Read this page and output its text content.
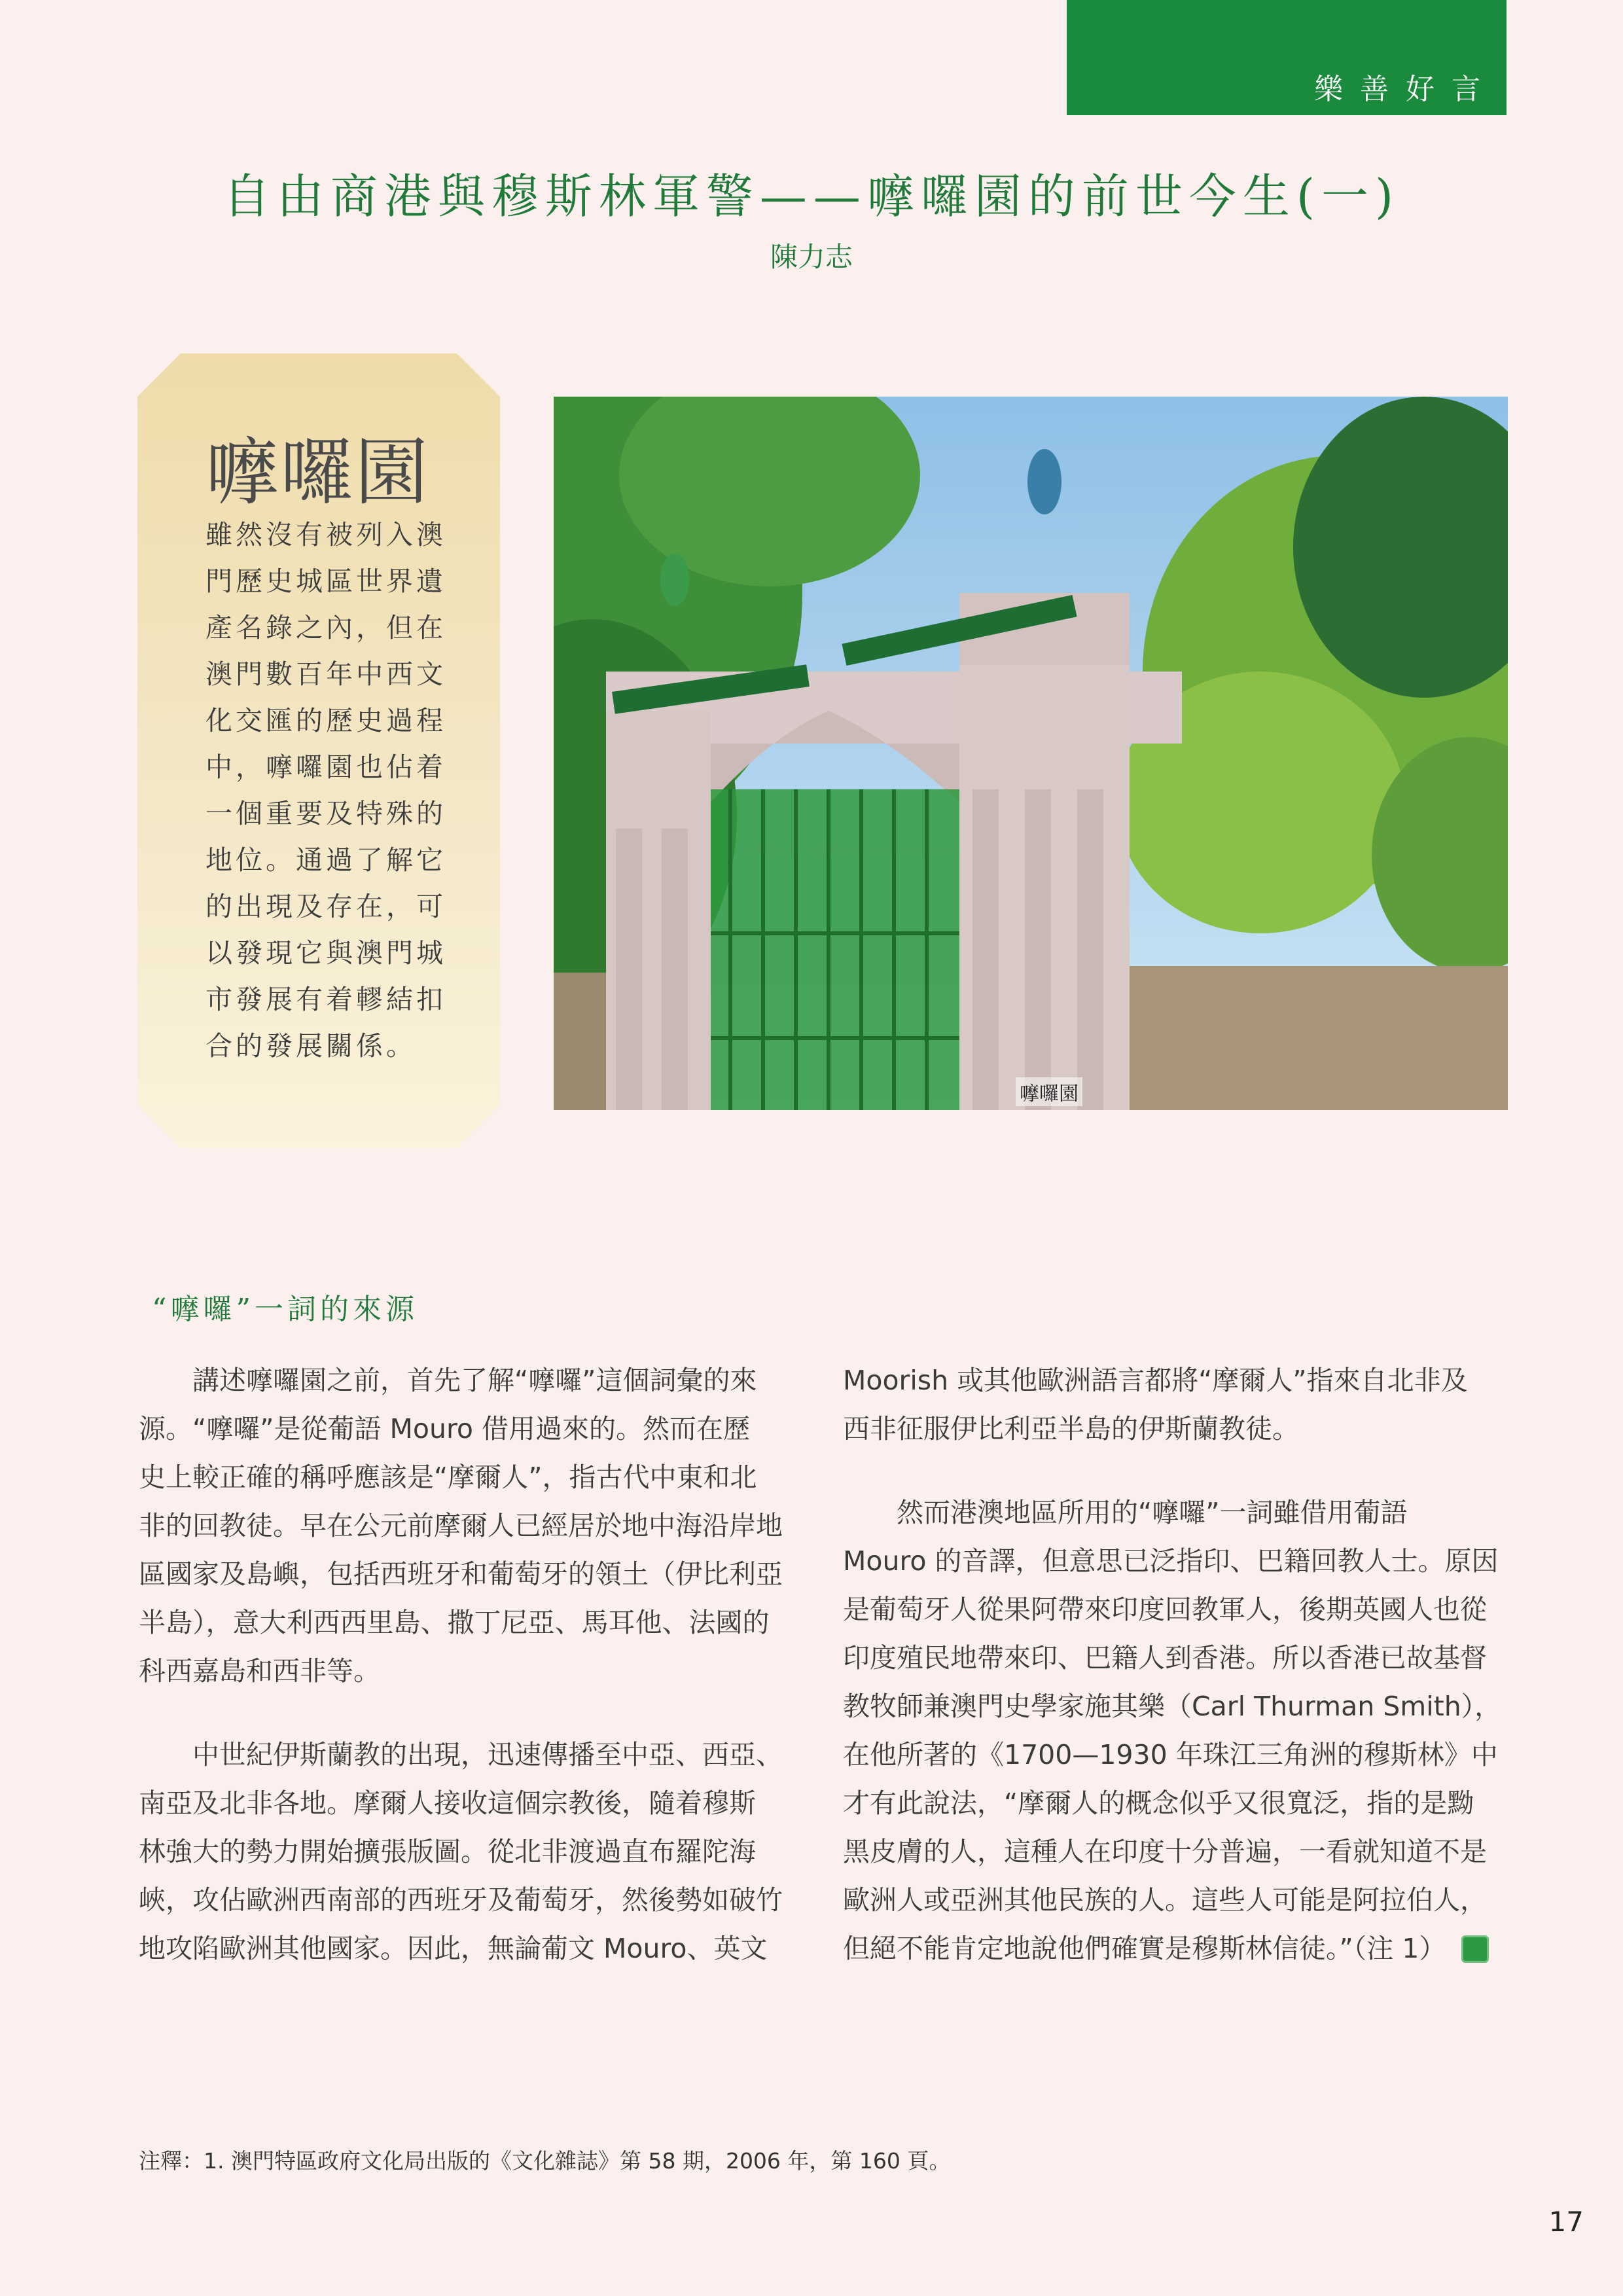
樂善好言
自由商港與穆斯林軍警——嚤囉園的前世今生(一)
陳力志
嚤囉園
雖然沒有被列入澳
門歷史城區世界遺
產名錄之內，但在
澳門數百年中西文
化交匯的歷史過程
中，嚤囉園也佔着
一個重要及特殊的
地位。通過了解它
的出現及存在，可
以發現它與澳門城
市發展有着轇結扣
合的發展關係。
嚤囉園
“嚤囉”一詞的來源
　　講述嚤囉園之前，首先了解“嚤囉”這個詞彙的來
源。“嚤囉”是從葡語 Mouro 借用過來的。然而在歷
史上較正確的稱呼應該是“摩爾人”，指古代中東和北
非的回教徒。早在公元前摩爾人已經居於地中海沿岸地
區國家及島嶼，包括西班牙和葡萄牙的領土（伊比利亞
半島），意大利西西里島、撒丁尼亞、馬耳他、法國的
科西嘉島和西非等。
　　中世紀伊斯蘭教的出現，迅速傳播至中亞、西亞、
南亞及北非各地。摩爾人接收這個宗教後，隨着穆斯
林強大的勢力開始擴張版圖。從北非渡過直布羅陀海
峽，攻佔歐洲西南部的西班牙及葡萄牙，然後勢如破竹
地攻陷歐洲其他國家。因此，無論葡文 Mouro、英文
Moorish 或其他歐洲語言都將“摩爾人”指來自北非及
西非征服伊比利亞半島的伊斯蘭教徒。
　　然而港澳地區所用的“嚤囉”一詞雖借用葡語
Mouro 的音譯，但意思已泛指印、巴籍回教人士。原因
是葡萄牙人從果阿帶來印度回教軍人，後期英國人也從
印度殖民地帶來印、巴籍人到香港。所以香港已故基督
教牧師兼澳門史學家施其樂（Carl Thurman Smith），
在他所著的《1700—1930 年珠江三角洲的穆斯林》中
才有此說法，“摩爾人的概念似乎又很寬泛，指的是黝
黑皮膚的人，這種人在印度十分普遍，一看就知道不是
歐洲人或亞洲其他民族的人。這些人可能是阿拉伯人，
但絕不能肯定地說他們確實是穆斯林信徒。”（注 1）
注釋：1. 澳門特區政府文化局出版的《文化雜誌》第 58 期，2006 年，第 160 頁。
17
